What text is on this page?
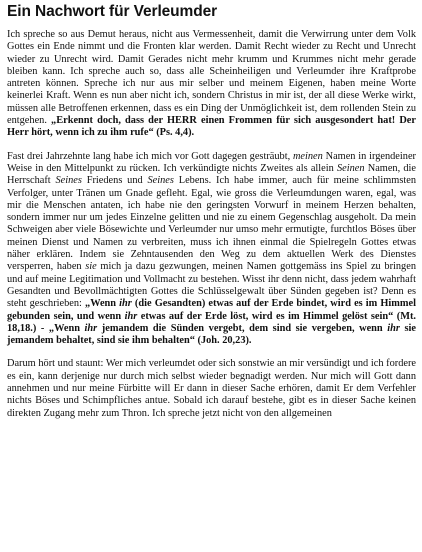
Ein Nachwort für Verleumder

Ich spreche so aus Demut heraus, nicht aus Vermessenheit, damit die Verwirrung unter dem Volk Gottes ein Ende nimmt und die Fronten klar werden. Damit Recht wieder zu Recht und Unrecht wieder zu Unrecht wird. Damit Gerades nicht mehr krumm und Krummes nicht mehr gerade bleiben kann. Ich spreche auch so, dass alle Scheinheiligen und Verleumder ihre Kraftprobe antreten können. Spreche ich nur aus mir selber und meinem Eigenen, haben meine Worte keinerlei Kraft. Wenn es nun aber nicht ich, sondern Christus in mir ist, der all diese Werke wirkt, müssen alle Betroffenen erkennen, dass es ein Ding der Unmöglichkeit ist, dem rollenden Stein zu entgehen. „Erkennt doch, dass der HERR einen Frommen für sich ausgesondert hat! Der Herr hört, wenn ich zu ihm rufe“ (Ps. 4,4).

Fast drei Jahrzehnte lang habe ich mich vor Gott dagegen gesträubt, meinen Namen in irgendeiner Weise in den Mittelpunkt zu rücken. Ich verkündigte nichts Zweites als allein Seinen Namen, die Herrschaft Seines Friedens und Seines Lebens. Ich habe immer, auch für meine schlimmsten Verfolger, unter Tränen um Gnade gefleht. Egal, wie gross die Verleumdungen waren, egal, was mir die Menschen antaten, ich habe nie den geringsten Vorwurf in meinem Herzen behalten, sondern immer nur um jedes Einzelne gelitten und nie zu einem Gegenschlag ausgeholt. Da mein Schweigen aber viele Bösewichte und Verleumder nur umso mehr ermutigte, furchtlos Böses über meinen Dienst und Namen zu verbreiten, muss ich ihnen einmal die Spielregeln Gottes etwas näher erklären. Indem sie Zehntausenden den Weg zu dem aktuellen Werk des Dienstes versperren, haben sie mich ja dazu gezwungen, meinen Namen gottgemäss ins Spiel zu bringen und auf meine Legitimation und Vollmacht zu bestehen. Wisst ihr denn nicht, dass jedem wahrhaft Gesandten und Bevollmächtigten Gottes die Schlüsselgewalt über Sünden gegeben ist? Denn es steht geschrieben: „Wenn ihr (die Gesandten) etwas auf der Erde bindet, wird es im Himmel gebunden sein, und wenn ihr etwas auf der Erde löst, wird es im Himmel gelöst sein“ (Mt. 18,18.) - „Wenn ihr jemandem die Sünden vergebt, dem sind sie vergeben, wenn ihr sie jemandem behaltet, sind sie ihm behalten“ (Joh. 20,23).

Darum hört und staunt: Wer mich verleumdet oder sich sonstwie an mir versündigt und ich fordere es ein, kann derjenige nur durch mich selbst wieder begnadigt werden. Nur mich will Gott dann annehmen und nur meine Fürbitte will Er dann in dieser Sache erhören, damit Er dem Verfehler nichts Böses und Schimpfliches antue. Sobald ich darauf bestehe, gibt es in dieser Sache keinen direkten Zugang mehr zum Thron. Ich spreche jetzt nicht von den allgemeinen
